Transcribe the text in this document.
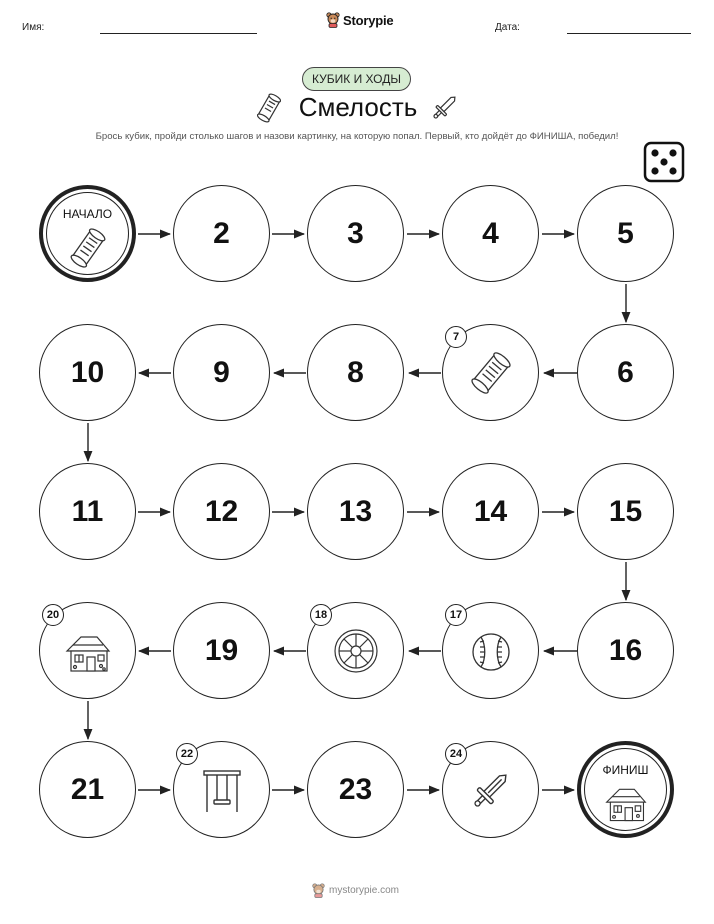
Имя:	Storypie	Дата:
КУБИК И ХОДЫ
Смелость
Брось кубик, пройди столько шагов и назови картинку, на которую попал. Первый, кто дойдёт до ФИНИША, победил!
НАЧАЛО
2	3	4	5
10	9	8
7
6
11	12	13	14	15
20
19
18	17
16
21
22
23
24
ФИНИШ
mystorypie.com
